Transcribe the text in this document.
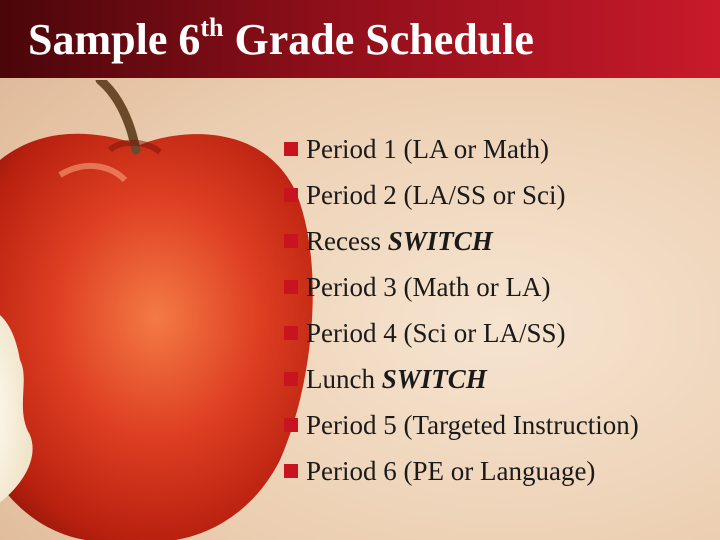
Sample 6th Grade Schedule
Period 1 (LA or Math)
Period 2 (LA/SS or Sci)
Recess SWITCH
Period 3 (Math or LA)
Period 4 (Sci or LA/SS)
Lunch SWITCH
Period 5 (Targeted Instruction)
Period 6 (PE or Language)
